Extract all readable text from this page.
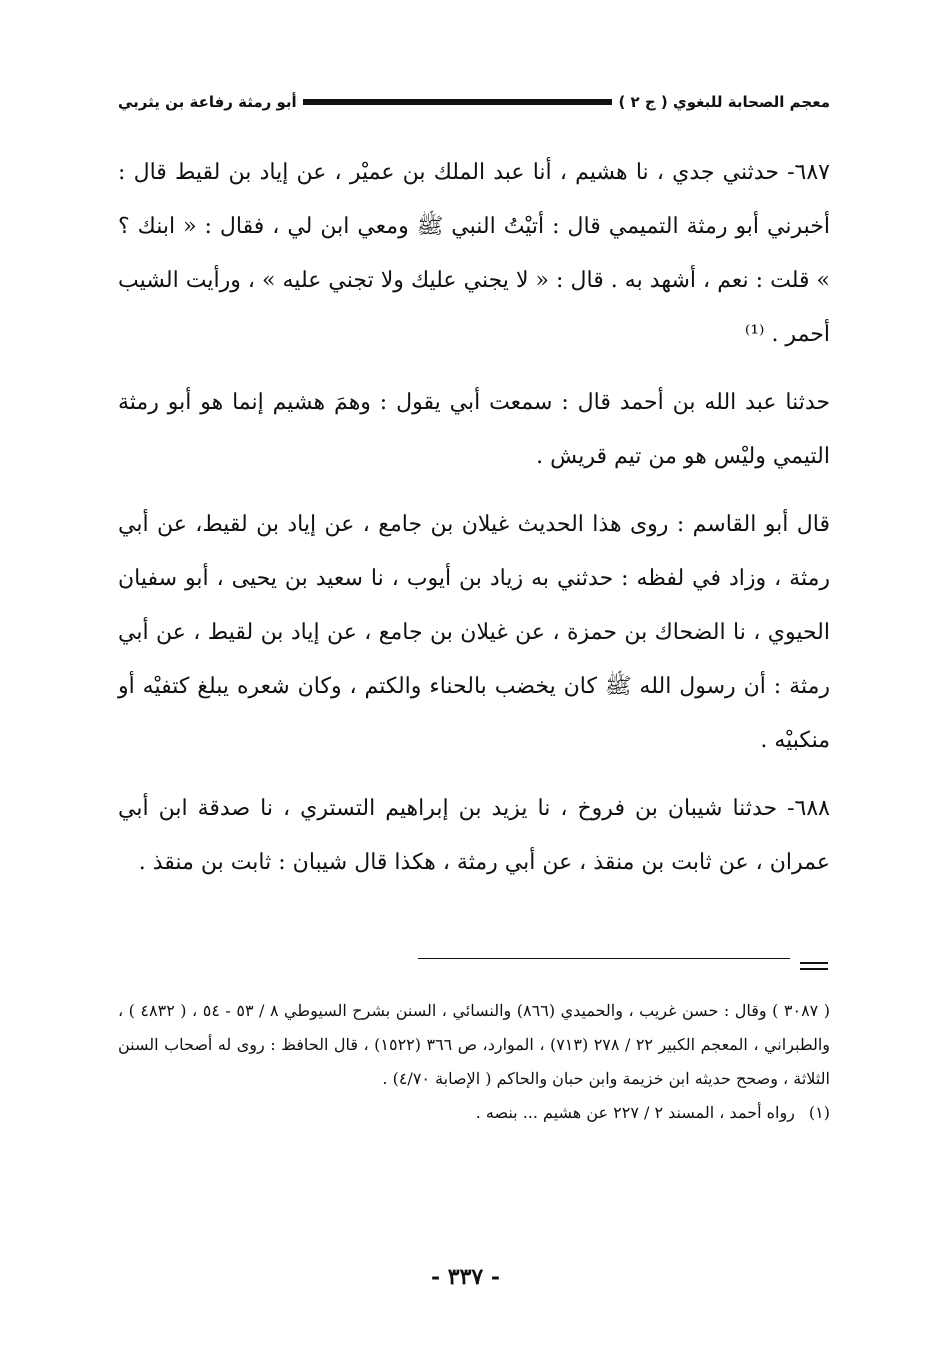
معجم الصحابة للبغوي ( ج ٢ )
أبو رمثة رفاعة بن يثربي

٦٨٧- حدثني جدي ، نا هشيم ، أنا عبد الملك بن عميْر ، عن إياد بن لقيط قال : أخبرني أبو رمثة التميمي قال : أتيْتُ النبي ﷺ ومعي ابن لي ، فقال : « ابنك ؟ » قلت : نعم ، أشهد به . قال : « لا يجني عليك ولا تجني عليه » ، ورأيت الشيب أحمر . ⁽¹⁾

حدثنا عبد الله بن أحمد قال : سمعت أبي يقول : وهمَ هشيم إنما هو أبو رمثة التيمي وليْس هو من تيم قريش .

قال أبو القاسم : روى هذا الحديث غيلان بن جامع ، عن إياد بن لقيط، عن أبي رمثة ، وزاد في لفظه : حدثني به زياد بن أيوب ، نا سعيد بن يحيى ، أبو سفيان الحيوي ، نا الضحاك بن حمزة ، عن غيلان بن جامع ، عن إياد بن لقيط ، عن أبي رمثة : أن رسول الله ﷺ كان يخضب بالحناء والكتم ، وكان شعره يبلغ كتفيْه أو منكبيْه .

٦٨٨- حدثنا شيبان بن فروخ ، نا يزيد بن إبراهيم التستري ، نا صدقة ابن أبي عمران ، عن ثابت بن منقذ ، عن أبي رمثة ، هكذا قال شيبان : ثابت بن منقذ .

( ٣٠٨٧ ) وقال : حسن غريب ، والحميدي (٨٦٦) والنسائي ، السنن بشرح السيوطي ٨ / ٥٣ - ٥٤ ، ( ٤٨٣٢ ) ، والطبراني ، المعجم الكبير ٢٢ / ٢٧٨ (٧١٣) ، الموارد، ص ٣٦٦ (١٥٢٢) ، قال الحافظ : روى له أصحاب السنن الثلاثة ، وصحح حديثه ابن خزيمة وابن حبان والحاكم ( الإصابة ٤/٧٠) .

(١)رواه أحمد ، المسند ٢ / ٢٢٧ عن هشيم ... بنصه .

- ٣٣٧ -
